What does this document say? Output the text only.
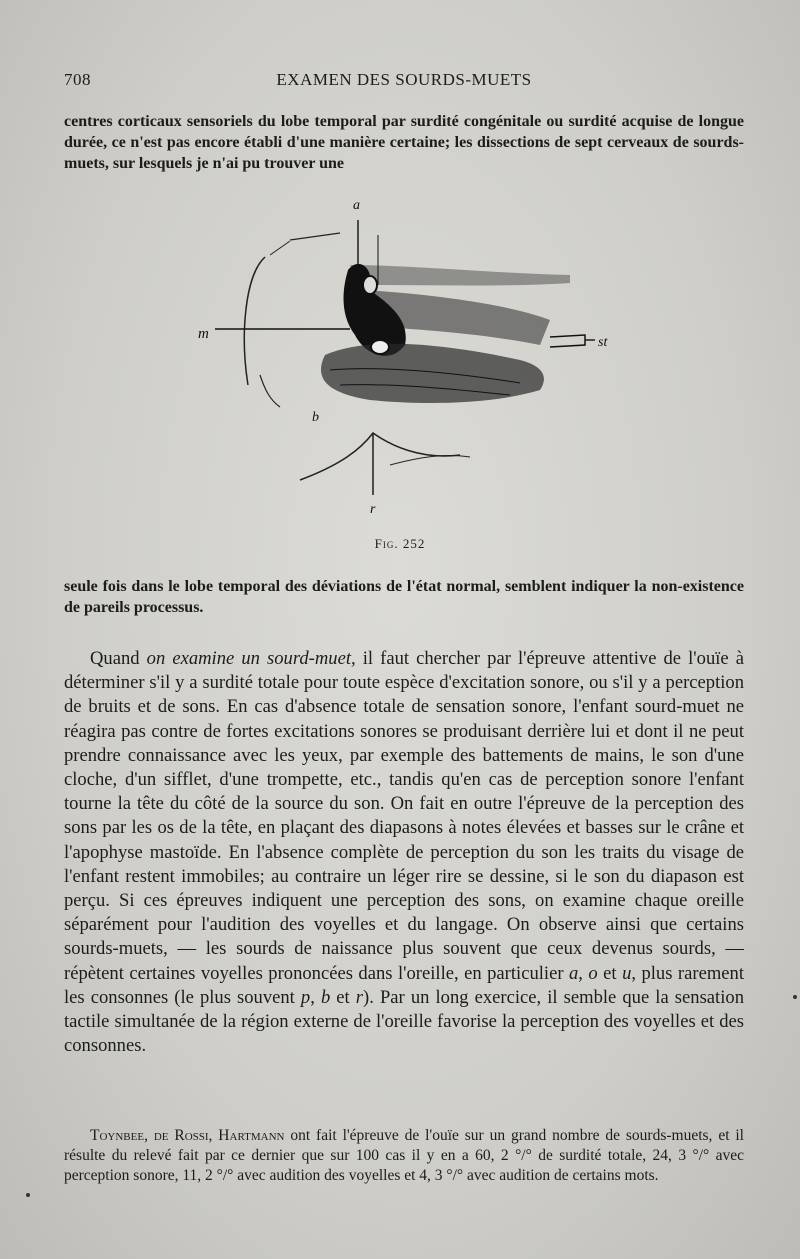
708	EXAMEN DES SOURDS-MUETS
centres corticaux sensoriels du lobe temporal par surdité congénitale ou surdité acquise de longue durée, ce n'est pas encore établi d'une manière certaine; les dissections de sept cerveaux de sourds-muets, sur lesquels je n'ai pu trouver une
a
m
st
b
r
Fig. 252
seule fois dans le lobe temporal des déviations de l'état normal, semblent indiquer la non-existence de pareils processus.
Quand on examine un sourd-muet, il faut chercher par l'épreuve attentive de l'ouïe à déterminer s'il y a surdité totale pour toute espèce d'excitation sonore, ou s'il y a perception de bruits et de sons. En cas d'absence totale de sensation sonore, l'enfant sourd-muet ne réagira pas contre de fortes excitations sonores se produisant derrière lui et dont il ne peut prendre connaissance avec les yeux, par exemple des battements de mains, le son d'une cloche, d'un sifflet, d'une trompette, etc., tandis qu'en cas de perception sonore l'enfant tourne la tête du côté de la source du son. On fait en outre l'épreuve de la perception des sons par les os de la tête, en plaçant des diapasons à notes élevées et basses sur le crâne et l'apophyse mastoïde. En l'absence complète de perception du son les traits du visage de l'enfant restent immobiles; au contraire un léger rire se dessine, si le son du diapason est perçu. Si ces épreuves indiquent une perception des sons, on examine chaque oreille séparément pour l'audition des voyelles et du langage. On observe ainsi que certains sourds-muets, — les sourds de naissance plus souvent que ceux devenus sourds, — répètent certaines voyelles prononcées dans l'oreille, en particulier a, o et u, plus rarement les consonnes (le plus souvent p, b et r). Par un long exercice, il semble que la sensation tactile simultanée de la région externe de l'oreille favorise la perception des voyelles et des consonnes.
Toynbee, de Rossi, Hartmann ont fait l'épreuve de l'ouïe sur un grand nombre de sourds-muets, et il résulte du relevé fait par ce dernier que sur 100 cas il y en a 60, 2 °/° de surdité totale, 24, 3 °/° avec perception sonore, 11, 2 °/° avec audition des voyelles et 4, 3 °/° avec audition de certains mots.
